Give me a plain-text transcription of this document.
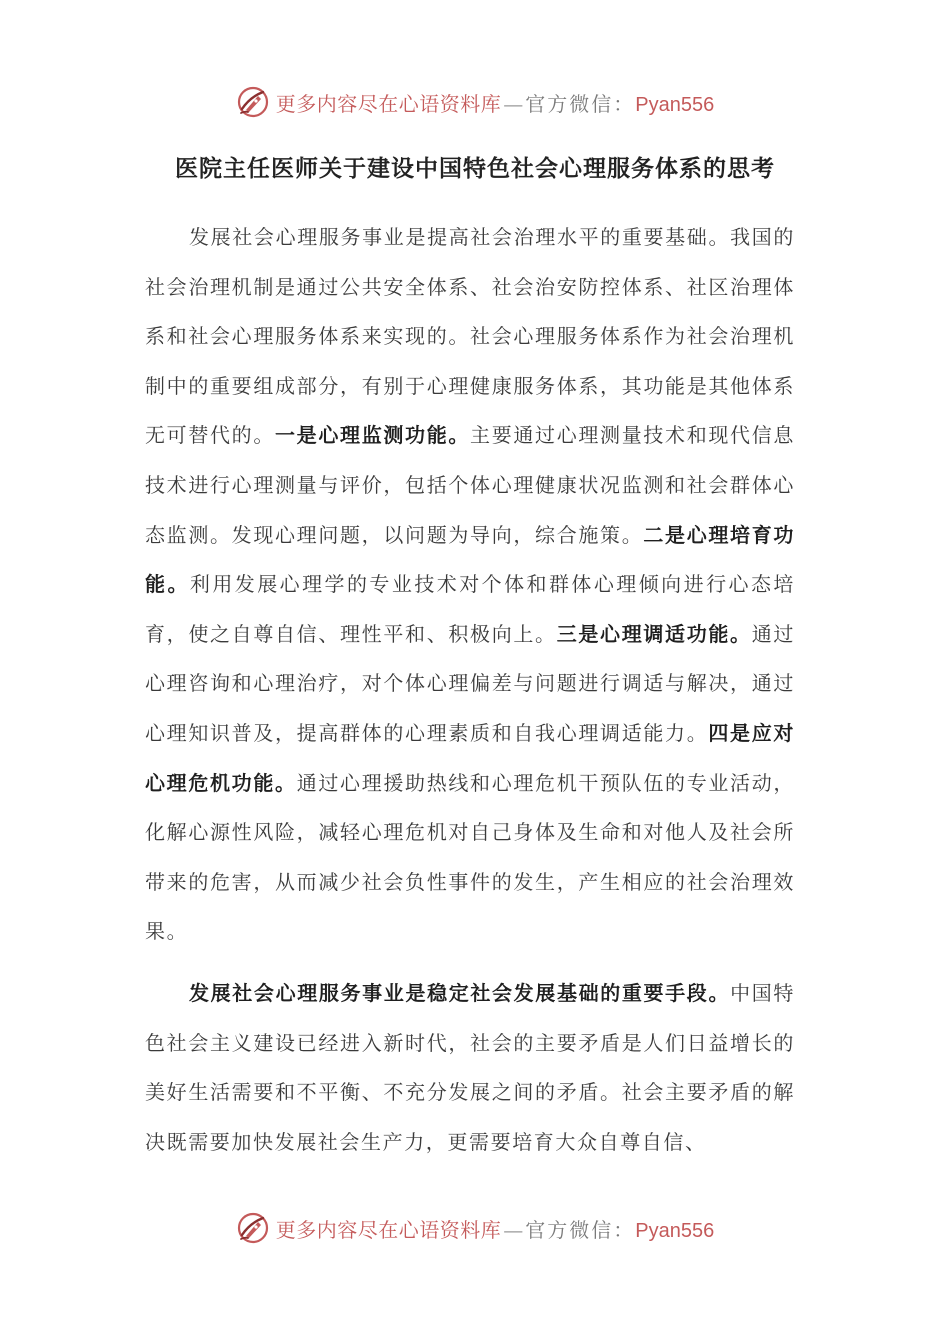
更多内容尽在心语资料库 — 官方微信： Pyan556
医院主任医师关于建设中国特色社会心理服务体系的思考

发展社会心理服务事业是提高社会治理水平的重要基础。我国的社会治理机制是通过公共安全体系、社会治安防控体系、社区治理体系和社会心理服务体系来实现的。社会心理服务体系作为社会治理机制中的重要组成部分，有别于心理健康服务体系，其功能是其他体系无可替代的。一是心理监测功能。主要通过心理测量技术和现代信息技术进行心理测量与评价，包括个体心理健康状况监测和社会群体心态监测。发现心理问题，以问题为导向，综合施策。二是心理培育功能。利用发展心理学的专业技术对个体和群体心理倾向进行心态培育，使之自尊自信、理性平和、积极向上。三是心理调适功能。通过心理咨询和心理治疗，对个体心理偏差与问题进行调适与解决，通过心理知识普及，提高群体的心理素质和自我心理调适能力。四是应对心理危机功能。通过心理援助热线和心理危机干预队伍的专业活动，化解心源性风险，减轻心理危机对自己身体及生命和对他人及社会所带来的危害，从而减少社会负性事件的发生，产生相应的社会治理效果。

发展社会心理服务事业是稳定社会发展基础的重要手段。中国特色社会主义建设已经进入新时代，社会的主要矛盾是人们日益增长的美好生活需要和不平衡、不充分发展之间的矛盾。社会主要矛盾的解决既需要加快发展社会生产力，更需要培育大众自尊自信、

更多内容尽在心语资料库 — 官方微信： Pyan556
